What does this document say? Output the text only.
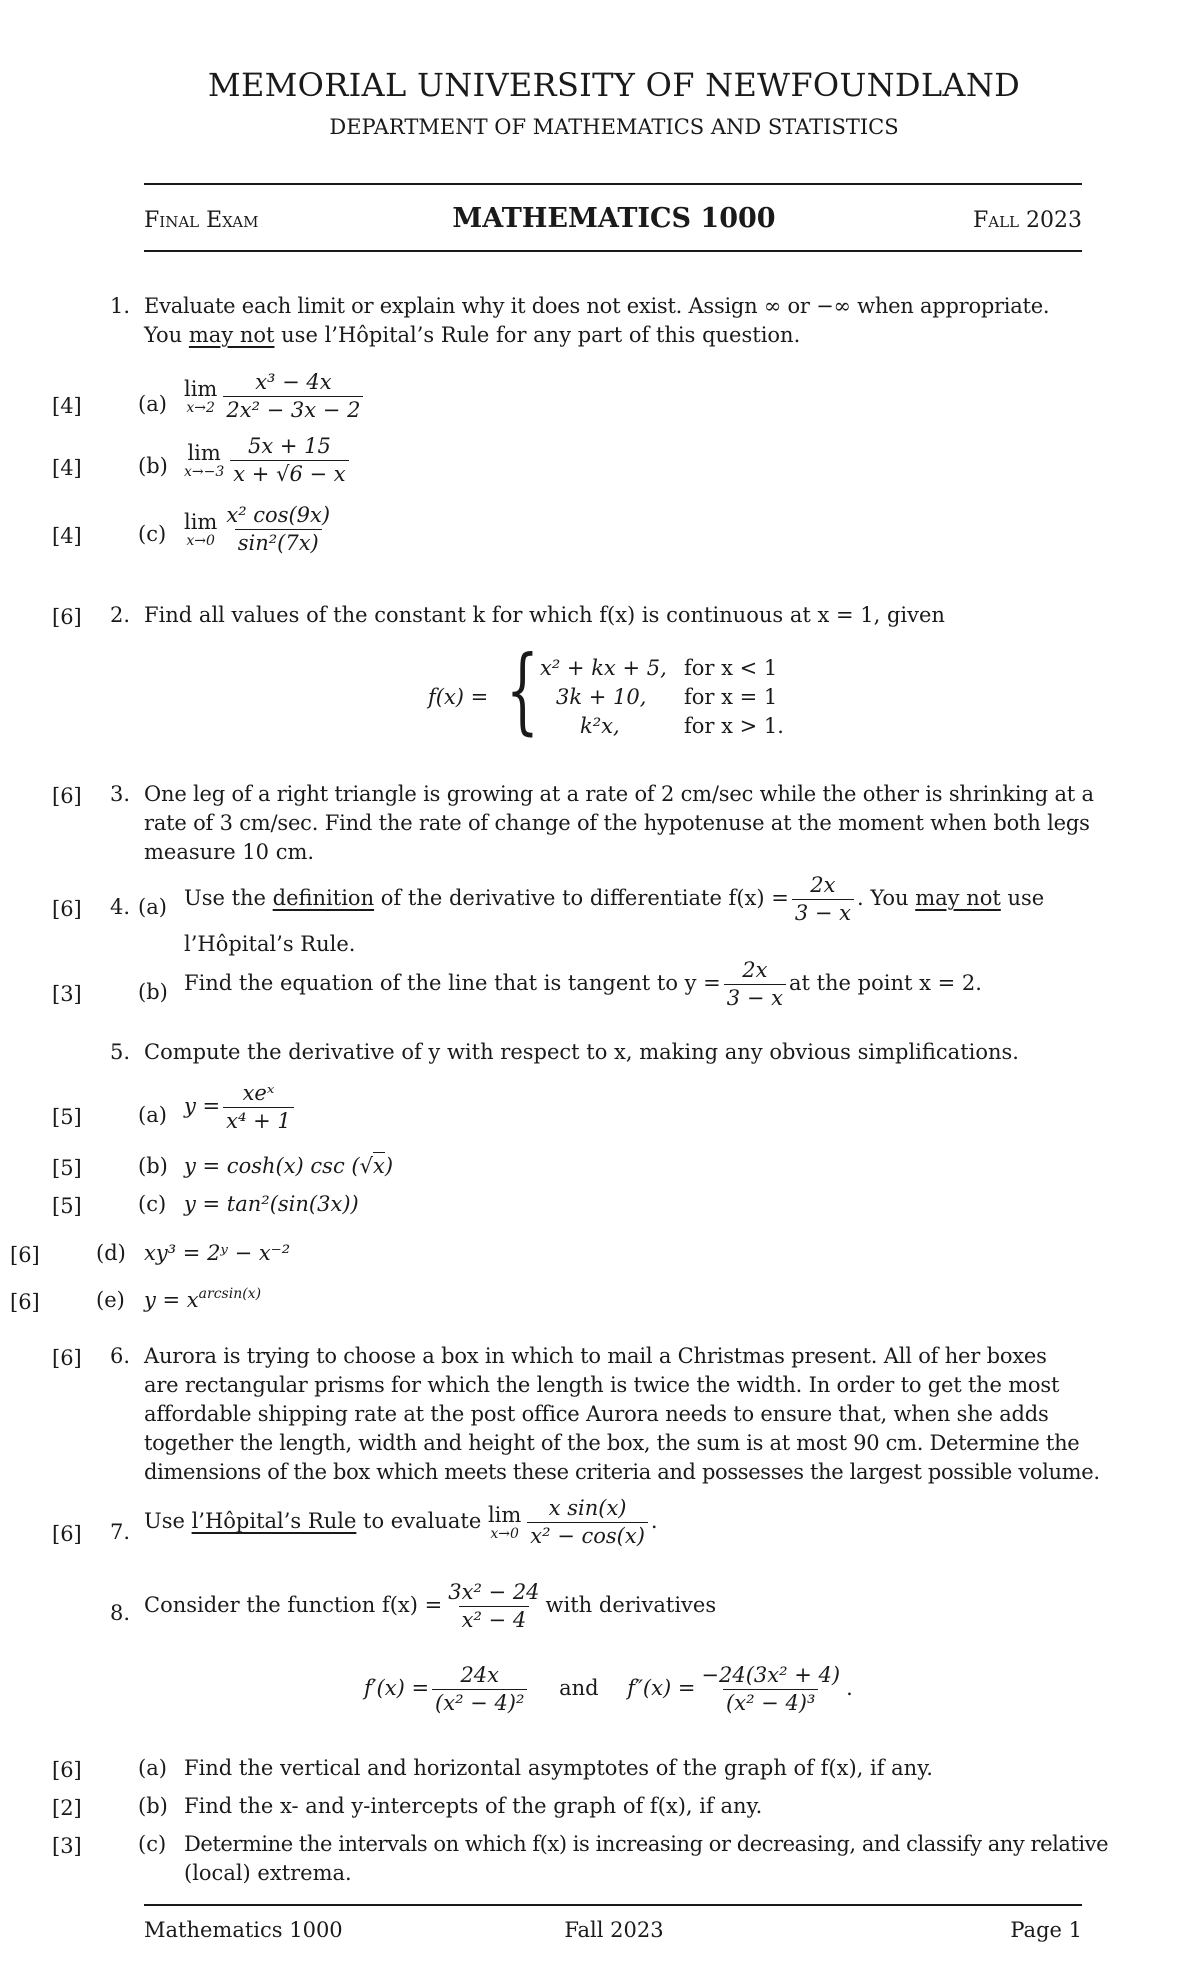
MEMORIAL UNIVERSITY OF NEWFOUNDLAND
DEPARTMENT OF MATHEMATICS AND STATISTICS
Final Exam	MATHEMATICS 1000	Fall 2023
1. Evaluate each limit or explain why it does not exist. Assign ∞ or −∞ when appropriate.
You may not use l’Hôpital’s Rule for any part of this question.
[4]	(a)
lim
$x\to 2 \frac{\text{x³ − 4x}}{\text{2x² − 3x − 2}}$
[4]	(b)
lim
$x\to-3 \frac{5x + 15}{x + √6 - x}$
[4]	(c)
lim
$x\to 0 \frac{\text{x² cos(9x)}}{\text{sin²(7x)}}$
[6] 2. Find all values of the constant k for which f(x) is continuous at x = 1, given
f(x) = { x² + kx + 5, for x < 1
3k + 10, for x = 1
k²x,	for x > 1.
[6] 3. One leg of a right triangle is growing at a rate of 2 cm/sec while the other is shrinking at a
rate of 3 cm/sec. Find the rate of change of the hypotenuse at the moment when both legs
measure 10 cm.
[6] 4. (a) Use the definition of the derivative to differentiate $f(x) = \frac{2x}{3 - x}$ . You may not use
l’Hôpital’s Rule.
[3]	(b) Find the equation of the line that is tangent to $y = \frac{2x}{3 - x}$ at the point x = 2.
5. Compute the derivative of y with respect to x, making any obvious simplifications.
[5]	(a) $y = \frac{\text{xeˣ}}{\text{x⁴ + 1}}$
[5]	(b) y = cosh(x) csc (√x)
[5]	(c) y = tan²(sin(3x))
[6]	(d) xy³ = 2ʸ − x⁻²
[6]	(e) $y = x^{arcsin(x)}$
[6] 6. Aurora is trying to choose a box in which to mail a Christmas present. All of her boxes
are rectangular prisms for which the length is twice the width. In order to get the most
affordable shipping rate at the post office Aurora needs to ensure that, when she adds
together the length, width and height of the box, the sum is at most 90 cm. Determine the
dimensions of the box which meets these criteria and possesses the largest possible volume.
[6] 7. Use l’Hôpital’s Rule to evaluate lim
$x\to 0 \frac{\text{x sin(x)}}{\text{x² − cos(x)}}$ .
8. Consider the function $f(x) = \frac{\text{3x² − 24}}{\text{x² − 4}}$ with derivatives
$f'(x) = \frac{24x}{\text{(x² − 4)²}}$ and $f''(x) = \frac{\text{−24(3x² + 4)}}{\text{(x² − 4)³}}$ .
[6]	(a) Find the vertical and horizontal asymptotes of the graph of f(x), if any.
[2]	(b) Find the x- and y-intercepts of the graph of f(x), if any.
[3]	(c) Determine the intervals on which f(x) is increasing or decreasing, and classify any relative
(local) extrema.
Mathematics 1000	Fall 2023	Page 1
